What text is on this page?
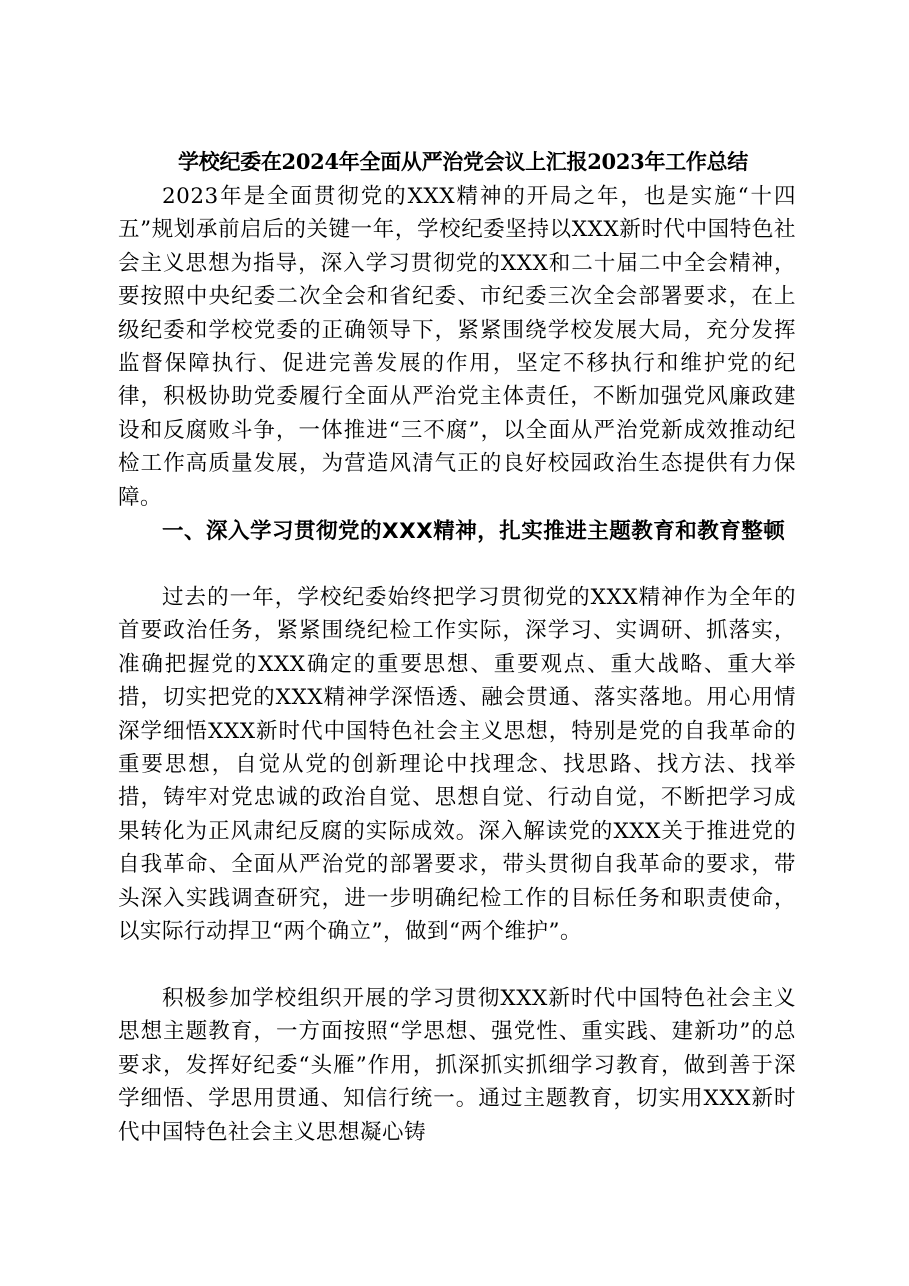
学校纪委在2024年全面从严治党会议上汇报2023年工作总结

2023年是全面贯彻党的XXX精神的开局之年，也是实施“十四五”规划承前启后的关键一年，学校纪委坚持以XXX新时代中国特色社会主义思想为指导，深入学习贯彻党的XXX和二十届二中全会精神，要按照中央纪委二次全会和省纪委、市纪委三次全会部署要求，在上级纪委和学校党委的正确领导下，紧紧围绕学校发展大局，充分发挥监督保障执行、促进完善发展的作用，坚定不移执行和维护党的纪律，积极协助党委履行全面从严治党主体责任，不断加强党风廉政建设和反腐败斗争，一体推进“三不腐”，以全面从严治党新成效推动纪检工作高质量发展，为营造风清气正的良好校园政治生态提供有力保障。

一、深入学习贯彻党的XXX精神，扎实推进主题教育和教育整顿

过去的一年，学校纪委始终把学习贯彻党的XXX精神作为全年的首要政治任务，紧紧围绕纪检工作实际，深学习、实调研、抓落实，准确把握党的XXX确定的重要思想、重要观点、重大战略、重大举措，切实把党的XXX精神学深悟透、融会贯通、落实落地。用心用情深学细悟XXX新时代中国特色社会主义思想，特别是党的自我革命的重要思想，自觉从党的创新理论中找理念、找思路、找方法、找举措，铸牢对党忠诚的政治自觉、思想自觉、行动自觉，不断把学习成果转化为正风肃纪反腐的实际成效。深入解读党的XXX关于推进党的自我革命、全面从严治党的部署要求，带头贯彻自我革命的要求，带头深入实践调查研究，进一步明确纪检工作的目标任务和职责使命，以实际行动捍卫“两个确立”，做到“两个维护”。

积极参加学校组织开展的学习贯彻XXX新时代中国特色社会主义思想主题教育，一方面按照“学思想、强党性、重实践、建新功”的总要求，发挥好纪委“头雁”作用，抓深抓实抓细学习教育，做到善于深学细悟、学思用贯通、知信行统一。通过主题教育，切实用XXX新时代中国特色社会主义思想凝心铸
